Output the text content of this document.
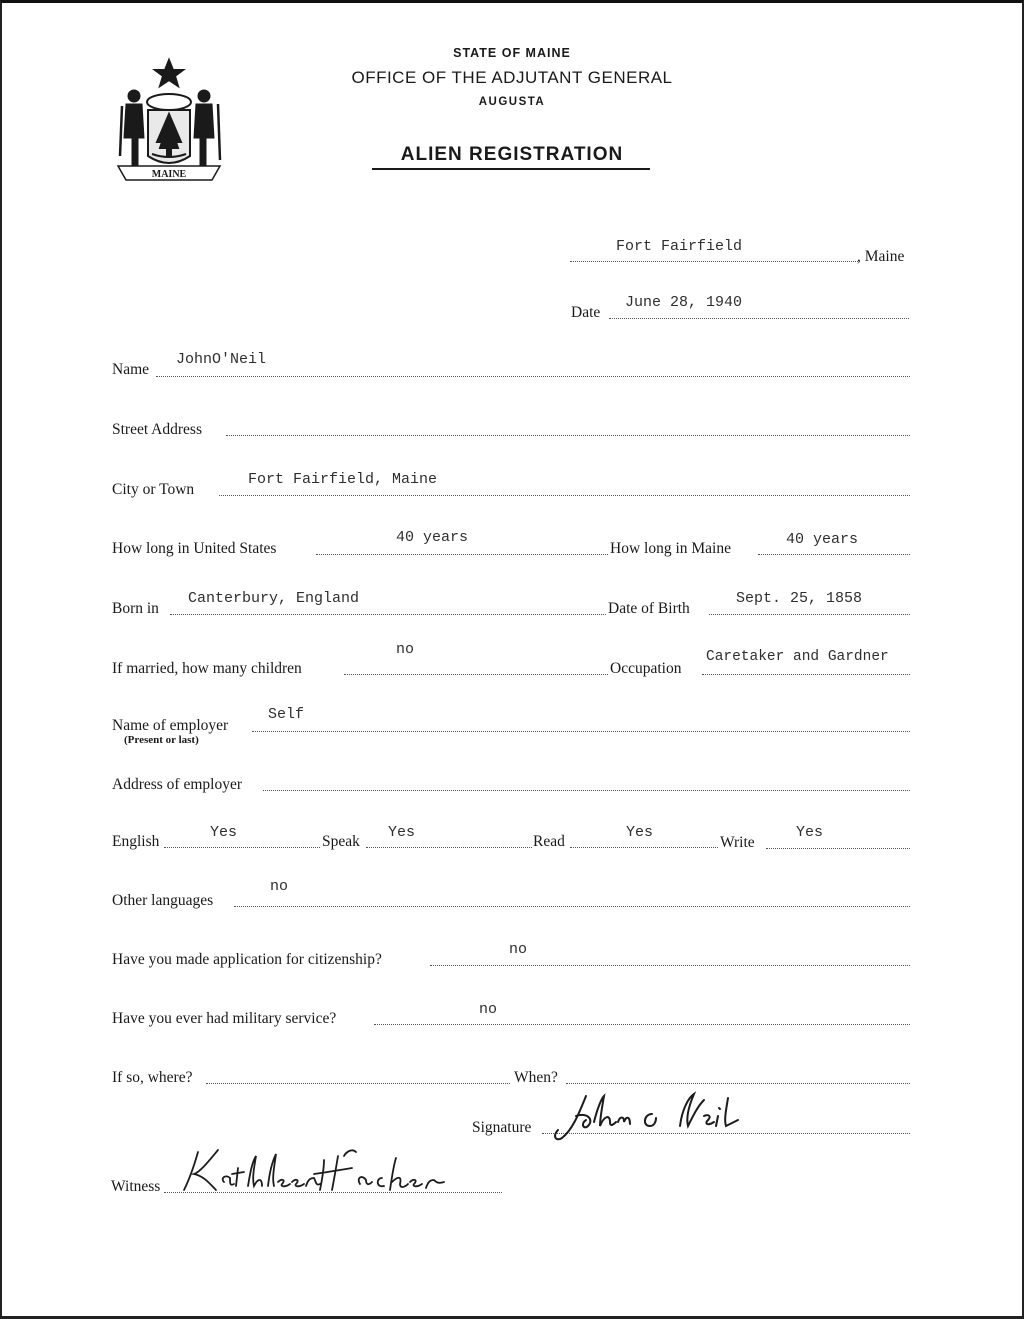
MAINE
STATE OF MAINE
OFFICE OF THE ADJUTANT GENERAL
AUGUSTA
ALIEN REGISTRATION
Fort Fairfield
, Maine
Date
June 28, 1940
Name
JohnO'Neil
Street Address
City or Town
Fort Fairfield, Maine
How long in United States
40 years
How long in Maine
40 years
Born in
Canterbury, England
Date of Birth
Sept. 25, 1858
If married, how many children
no
Occupation
Caretaker and Gardner
Name of employer
(Present or last)
Self
Address of employer
English
Yes
Speak
Yes
Read
Yes
Write
Yes
Other languages
no
Have you made application for citizenship?
no
Have you ever had military service?
no
If so, where?	When?
Signature
Witness
